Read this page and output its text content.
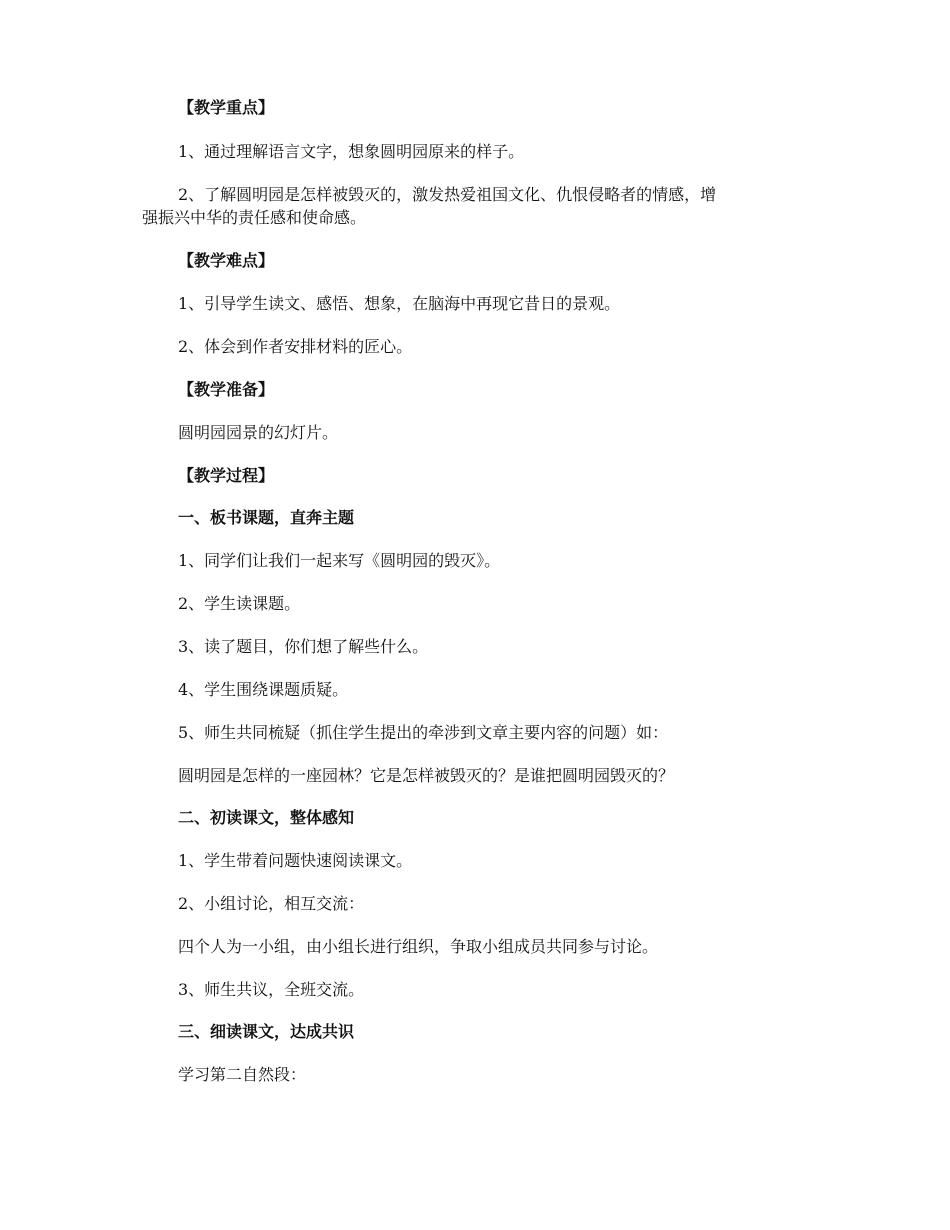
【教学重点】
1、通过理解语言文字，想象圆明园原来的样子。
2、了解圆明园是怎样被毁灭的，激发热爱祖国文化、仇恨侵略者的情感，增
强振兴中华的责任感和使命感。
【教学难点】
1、引导学生读文、感悟、想象，在脑海中再现它昔日的景观。
2、体会到作者安排材料的匠心。
【教学准备】
圆明园园景的幻灯片。
【教学过程】
一、板书课题，直奔主题
1、同学们让我们一起来写《圆明园的毁灭》。
2、学生读课题。
3、读了题目，你们想了解些什么。
4、学生围绕课题质疑。
5、师生共同梳疑（抓住学生提出的牵涉到文章主要内容的问题）如：
圆明园是怎样的一座园林？它是怎样被毁灭的？是谁把圆明园毁灭的？
二、初读课文，整体感知
1、学生带着问题快速阅读课文。
2、小组讨论，相互交流：
四个人为一小组，由小组长进行组织，争取小组成员共同参与讨论。
3、师生共议，全班交流。
三、细读课文，达成共识
学习第二自然段：
